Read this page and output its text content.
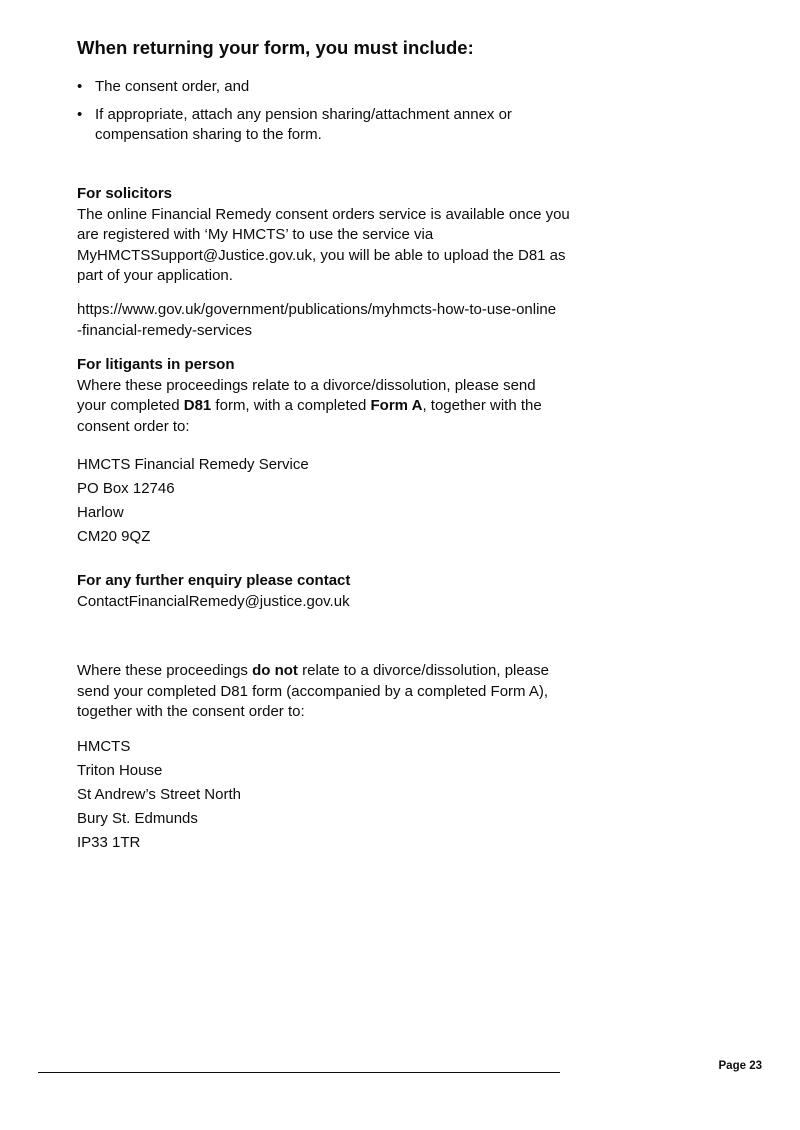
When returning your form, you must include:
• The consent order, and
• If appropriate, attach any pension sharing/attachment annex or compensation sharing to the form.
For solicitors
The online Financial Remedy consent orders service is available once you are registered with ‘My HMCTS’ to use the service via MyHMCTSSupport@Justice.gov.uk, you will be able to upload the D81 as part of your application.

https://www.gov.uk/government/publications/myhmcts-how-to-use-online-financial-remedy-services

For litigants in person
Where these proceedings relate to a divorce/dissolution, please send your completed D81 form, with a completed Form A, together with the consent order to:
HMCTS Financial Remedy Service
PO Box 12746
Harlow
CM20 9QZ
For any further enquiry please contact
ContactFinancialRemedy@justice.gov.uk

Where these proceedings do not relate to a divorce/dissolution, please send your completed D81 form (accompanied by a completed Form A), together with the consent order to:

HMCTS
Triton House
St Andrew’s Street North
Bury St. Edmunds
IP33 1TR
Page 23
